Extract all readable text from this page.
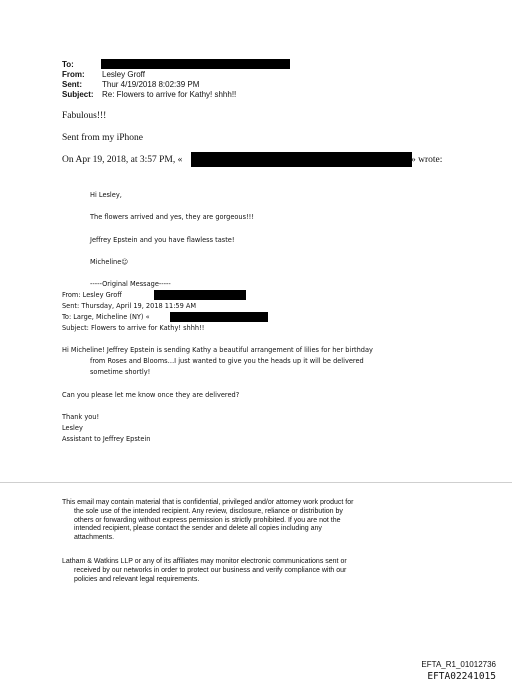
To:
From: Lesley Groff
Sent:	Thur 4/19/2018 8:02:39 PM
Subject: Re: Flowers to arrive for Kathy! shhh!!
Fabulous!!!
Sent from my iPhone
On Apr 19, 2018, at 3:57 PM, «	» wrote:
Hi Lesley,
The flowers arrived and yes, they are gorgeous!!!
Jeffrey Epstein and you have flawless taste!
Micheline☺
-----Original Message-----
From: Lesley Groff
Sent: Thursday, April 19, 2018 11:59 AM
To: Large, Micheline (NY) «
Subject: Flowers to arrive for Kathy! shhh!!
Hi Micheline! Jeffrey Epstein is sending Kathy a beautiful arrangement of lilies for her birthday
from Roses and Blooms…I just wanted to give you the heads up it will be delivered
sometime shortly!
Can you please let me know once they are delivered?
Thank you!
Lesley
Assistant to Jeffrey Epstein
This email may contain material that is confidential, privileged and/or attorney work product for
the sole use of the intended recipient. Any review, disclosure, reliance or distribution by
others or forwarding without express permission is strictly prohibited. If you are not the
intended recipient, please contact the sender and delete all copies including any
attachments.
Latham & Watkins LLP or any of its affiliates may monitor electronic communications sent or
received by our networks in order to protect our business and verify compliance with our
policies and relevant legal requirements.
EFTA_R1_01012736
EFTA02241015
